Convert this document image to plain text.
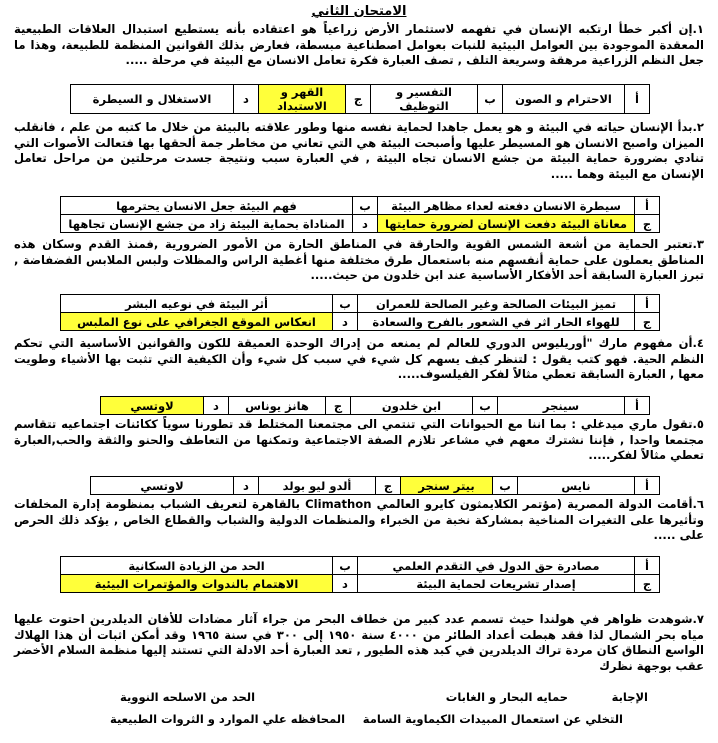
الامتحان الثاني
١.إن أكبر خطأ ارتكبه الإنسان في تفهمه لاستثمار الأرض زراعياً هو اعتقاده بأنه يستطيع استبدال العلاقات الطبيعية المعقدة الموجودة بين العوامل البيئية للنبات بعوامل اصطناعية مبسطة، فعارض بذلك القوانين المنظمة للطبيعة، وهذا ما جعل النظم الزراعية مرهقة وسريعة التلف , تصف العبارة فكرة تعامل الانسان مع البيئة في مرحلة .....
أ	الاحترام و الصون	ب	التفسير و التوظيف	ج	القهر و الاستبداد	د	الاستغلال و السيطرة
٢.بدأ الإنسان حياته في البيئة و هو يعمل جاهدا لحماية نفسه منها وطور علاقته بالبيئة من خلال ما كتبه من علم ، فانقلب الميزان واصبح الانسان هو المسيطر عليها وأصبحت البيئة هي التي تعاني من مخاطر جمة ألحقها بها فتعالت الأصوات التي تنادي بضرورة حماية البيئة من جشع الانسان تجاه البيئة , في العبارة سبب ونتيجة جسدت مرحلتين من مراحل تعامل الإنسان مع البيئة وهما .....
أ	سيطرة الانسان دفعته لعداء مظاهر البيئة	ب	فهم البيئة جعل الانسان يحترمها
ج	معاناة البيئة دفعت الإنسان لضرورة حمايتها	د	المناداة بحماية البيئة زاد من جشع الإنسان تجاهها
٣.تعتبر الحماية من أشعة الشمس القوية والحارقة في المناطق الحارة من الأمور الضرورية ,فمنذ القدم وسكان هذه المناطق يعملون على حماية أنفسهم منه باستعمال طرق مختلفة منها أغطية الراس والمظلات ولبس الملابس الفضفاضة , تبرز العبارة السابقة أحد الأفكار الأساسية عند ابن خلدون من حيث.....
أ	تميز البيئات الصالحة وغير الصالحة للعمران	ب	أثر البيئة في نوعيه البشر
ج	للهواء الحار اثر في الشعور بالفرح والسعادة	د	انعكاس الموقع الجغرافي على نوع الملبس
٤.أن مفهوم مارك "أوريليوس الدوري للعالم لم يمنعه من إدراك الوحدة العميقة للكون والقوانين الأساسية التي تحكم النظم الحية. فهو كتب يقول : لتنظر كيف يسهم كل شيء في سبب كل شيء وأن الكيفية التي تثبت بها الأشياء وطويت معها , العبارة السابقة تعطي مثالاً لفكر الفيلسوف.....
أ	سينجر	ب	ابن خلدون	ج	هانز يوناس	د	لاوتسي
٥.تقول ماري ميدغلي : بما اننا مع الحيوانات التي تنتمي الى مجتمعنا المختلط قد تطورنا سوياً ككائنات اجتماعيه تتقاسم مجتمعا واحدا , فإننا نشترك معهم في مشاعر تلازم الصفة الاجتماعية وتمكنها من التعاطف والحنو والثقة والحب,العبارة تعطي مثالاً لفكر.....
أ	نايس	ب	بيتر سنجر	ج	ألدو ليو بولد	د	لاوتسي
٦.أقامت الدولة المصرية (مؤتمر الكلايمثون كايرو العالمي Climathon بالقاهرة لتعريف الشباب بمنظومة إدارة المخلفات وتأثيرها على التغيرات المناخية بمشاركة نخبة من الخبراء والمنظمات الدولية والشباب والقطاع الخاص , يؤكد ذلك الحرص على .....
أ	مصادرة حق الدول في التقدم العلمي	ب	الحد من الزيادة السكانية
ج	إصدار تشريعات لحماية البيئة	د	الاهتمام بالندوات والمؤتمرات البيئية
٧.شوهدت ظواهر في هولندا حيث تسمم عدد كبير من خطاف البحر من جراء آثار مضادات للأفان الديلدرين احتوت عليها مياه بحر الشمال لذا فقد هبطت أعداد الطائر من ٤٠٠٠ سنة ١٩٥٠ إلى ٣٠٠ في سنة ١٩٦٥ وقد أمكن اثبات أن هذا الهلاك الواسع النطاق كان مردة تراك الديلدرين في كبد هذه الطيور , تعد العبارة أحد الادلة التي تستند إليها منظمة السلام الأخضر عقب بوجهة نظرك
الإجابة
حمايه البحار و الغابات
الحد من الاسلحه النووية
التخلي عن استعمال المبيدات الكيماوية السامة
المحافظه علي الموارد و الثروات الطبيعية
